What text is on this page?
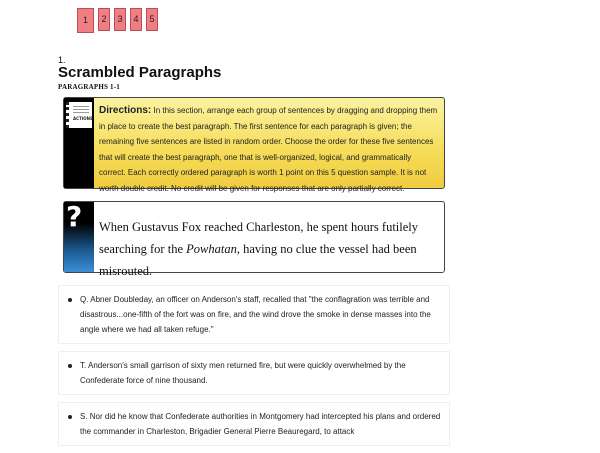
1	2	3	4	5
1.
Scrambled Paragraphs
PARAGRAPHS 1-1
ACTIONS
Directions: In this section, arrange each group of sentences by dragging and dropping them in place to create the best paragraph. The first sentence for each paragraph is given; the remaining five sentences are listed in random order. Choose the order for these five sentences that will create the best paragraph, one that is well-organized, logical, and grammatically correct. Each correctly ordered paragraph is worth 1 point on this 5 question sample. It is not worth double credit. No credit will be given for responses that are only partially correct.
? When Gustavus Fox reached Charleston, he spent hours futilely searching for the Powhatan, having no clue the vessel had been misrouted.
Q. Abner Doubleday, an officer on Anderson's staff, recalled that "the conflagration was terrible and disastrous...one-fifth of the fort was on fire, and the wind drove the smoke in dense masses into the angle where we had all taken refuge."
T. Anderson's small garrison of sixty men returned fire, but were quickly overwhelmed by the Confederate force of nine thousand.
S. Nor did he know that Confederate authorities in Montgomery had intercepted his plans and ordered the commander in Charleston, Brigadier General Pierre Beauregard, to attack
